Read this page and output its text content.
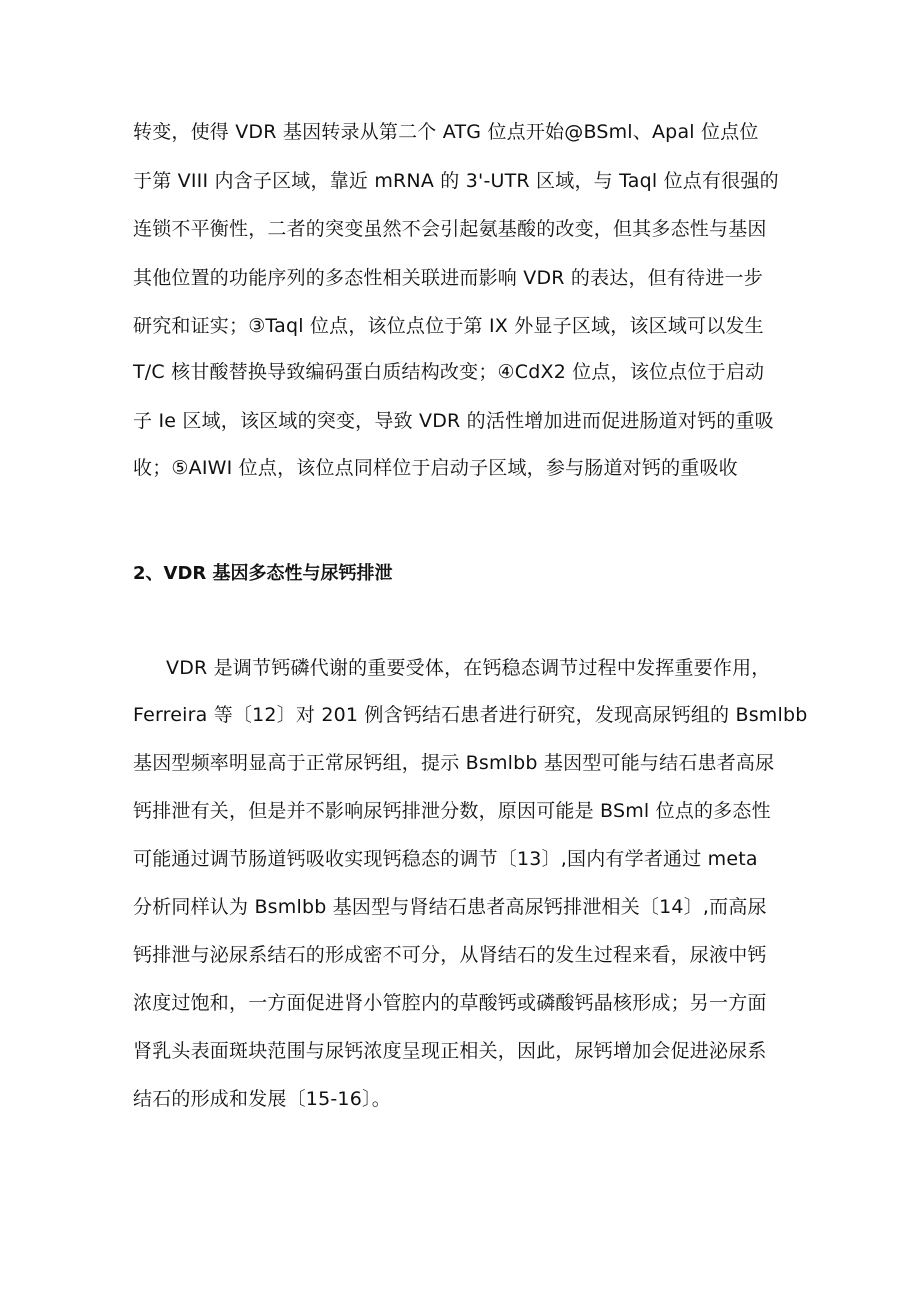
转变，使得 VDR 基因转录从第二个 ATG 位点开始@BSml、Apal 位点位
于第 VIII 内含子区域，靠近 mRNA 的 3'-UTR 区域，与 Taql 位点有很强的
连锁不平衡性，二者的突变虽然不会引起氨基酸的改变，但其多态性与基因
其他位置的功能序列的多态性相关联进而影响 VDR 的表达，但有待进一步
研究和证实；③Taql 位点，该位点位于第 IX 外显子区域，该区域可以发生
T/C 核甘酸替换导致编码蛋白质结构改变；④CdX2 位点，该位点位于启动
子 Ie 区域，该区域的突变，导致 VDR 的活性增加进而促进肠道对钙的重吸
收；⑤AIWI 位点，该位点同样位于启动子区域，参与肠道对钙的重吸收
2、VDR 基因多态性与尿钙排泄
VDR 是调节钙磷代谢的重要受体，在钙稳态调节过程中发挥重要作用，
Ferreira 等〔12〕对 201 例含钙结石患者进行研究，发现高尿钙组的 Bsmlbb
基因型频率明显高于正常尿钙组，提示 Bsmlbb 基因型可能与结石患者高尿
钙排泄有关，但是并不影响尿钙排泄分数，原因可能是 BSml 位点的多态性
可能通过调节肠道钙吸收实现钙稳态的调节〔13〕,国内有学者通过 meta
分析同样认为 Bsmlbb 基因型与肾结石患者高尿钙排泄相关〔14〕,而高尿
钙排泄与泌尿系结石的形成密不可分，从肾结石的发生过程来看，尿液中钙
浓度过饱和，一方面促进肾小管腔内的草酸钙或磷酸钙晶核形成；另一方面
肾乳头表面斑块范围与尿钙浓度呈现正相关，因此，尿钙增加会促进泌尿系
结石的形成和发展〔15-16〕。
